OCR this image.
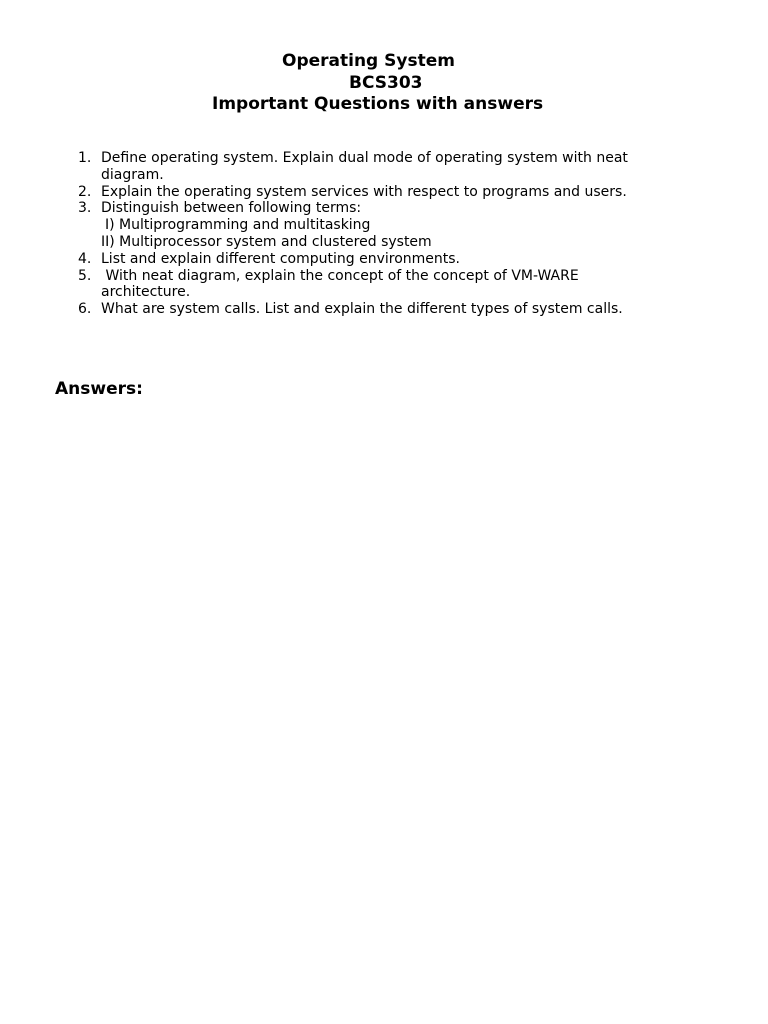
Operating System
BCS303
Important Questions with answers
1. Define operating system. Explain dual mode of operating system with neat
diagram.
2. Explain the operating system services with respect to programs and users.
3. Distinguish between following terms:
I) Multiprogramming and multitasking
II) Multiprocessor system and clustered system
4. List and explain different computing environments.
5. With neat diagram, explain the concept of the concept of VM-WARE
architecture.
6. What are system calls. List and explain the different types of system calls.
Answers:
